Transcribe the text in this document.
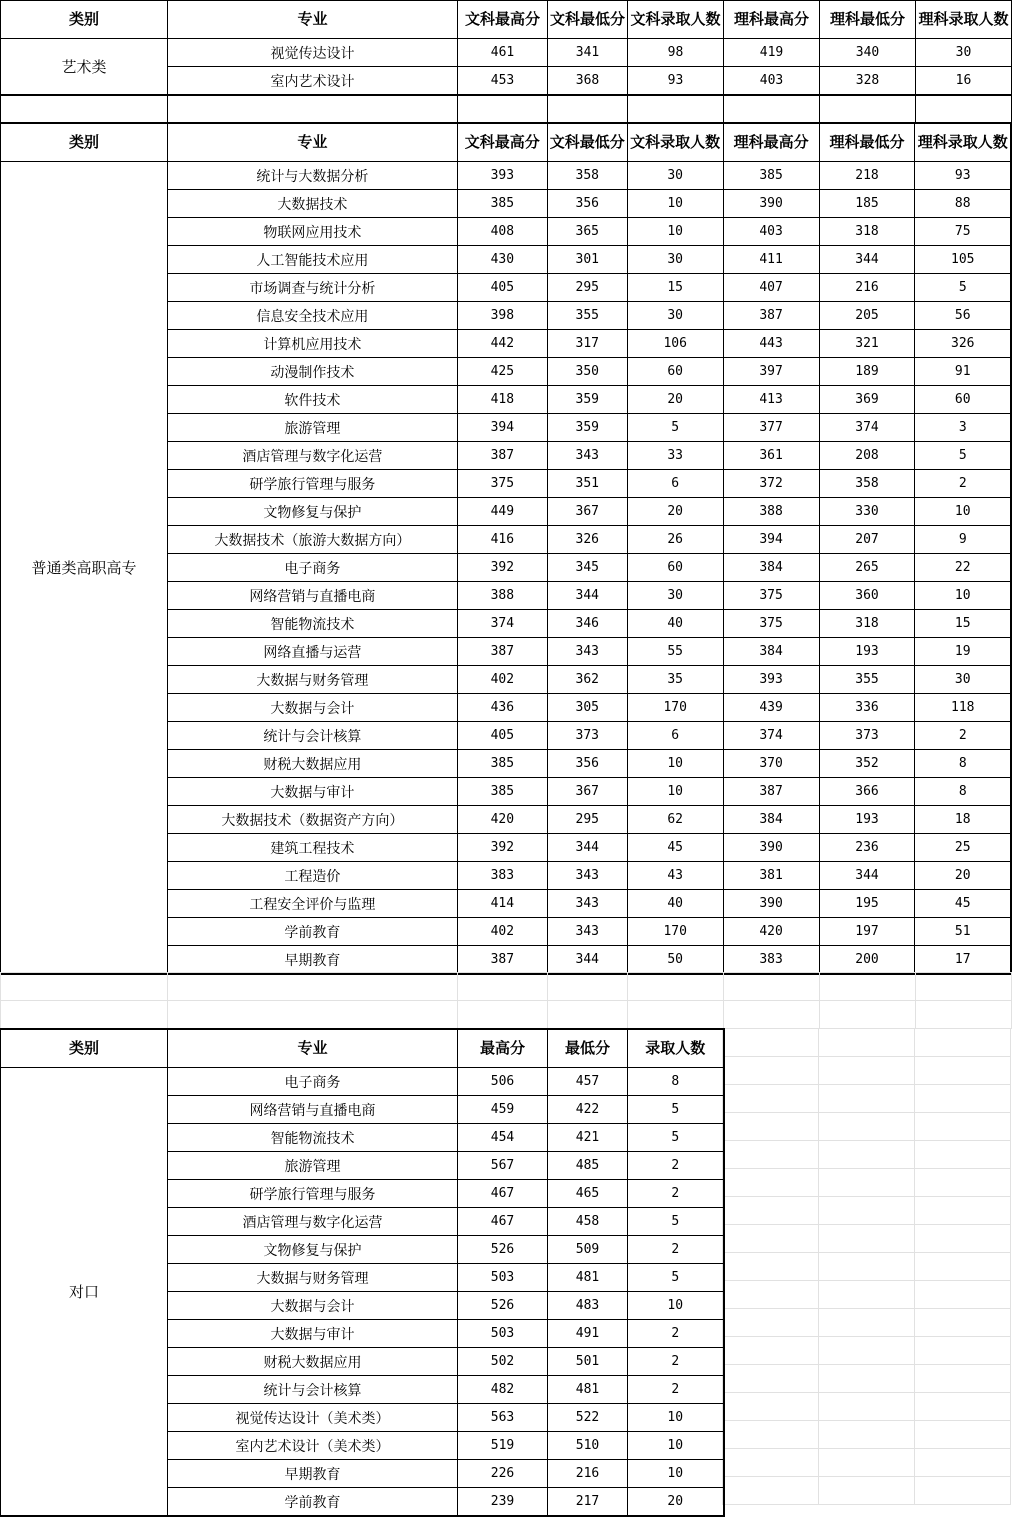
类别	专业	文科最高分	文科最低分	文科录取人数	理科最高分	理科最低分	理科录取人数
艺术类	视觉传达设计	461	341	98	419	340	30
	室内艺术设计	453	368	93	403	328	16

类别	专业	文科最高分	文科最低分	文科录取人数	理科最高分	理科最低分	理科录取人数
普通类高职高专	统计与大数据分析	393	358	30	385	218	93
	大数据技术	385	356	10	390	185	88
	物联网应用技术	408	365	10	403	318	75
	人工智能技术应用	430	301	30	411	344	105
	市场调查与统计分析	405	295	15	407	216	5
	信息安全技术应用	398	355	30	387	205	56
	计算机应用技术	442	317	106	443	321	326
	动漫制作技术	425	350	60	397	189	91
	软件技术	418	359	20	413	369	60
	旅游管理	394	359	5	377	374	3
	酒店管理与数字化运营	387	343	33	361	208	5
	研学旅行管理与服务	375	351	6	372	358	2
	文物修复与保护	449	367	20	388	330	10
	大数据技术（旅游大数据方向）	416	326	26	394	207	9
	电子商务	392	345	60	384	265	22
	网络营销与直播电商	388	344	30	375	360	10
	智能物流技术	374	346	40	375	318	15
	网络直播与运营	387	343	55	384	193	19
	大数据与财务管理	402	362	35	393	355	30
	大数据与会计	436	305	170	439	336	118
	统计与会计核算	405	373	6	374	373	2
	财税大数据应用	385	356	10	370	352	8
	大数据与审计	385	367	10	387	366	8
	大数据技术（数据资产方向）	420	295	62	384	193	18
	建筑工程技术	392	344	45	390	236	25
	工程造价	383	343	43	381	344	20
	工程安全评价与监理	414	343	40	390	195	45
	学前教育	402	343	170	420	197	51
	早期教育	387	344	50	383	200	17

类别	专业	最高分	最低分	录取人数
对口	电子商务	506	457	8
	网络营销与直播电商	459	422	5
	智能物流技术	454	421	5
	旅游管理	567	485	2
	研学旅行管理与服务	467	465	2
	酒店管理与数字化运营	467	458	5
	文物修复与保护	526	509	2
	大数据与财务管理	503	481	5
	大数据与会计	526	483	10
	大数据与审计	503	491	2
	财税大数据应用	502	501	2
	统计与会计核算	482	481	2
	视觉传达设计（美术类）	563	522	10
	室内艺术设计（美术类）	519	510	10
	早期教育	226	216	10
	学前教育	239	217	20
